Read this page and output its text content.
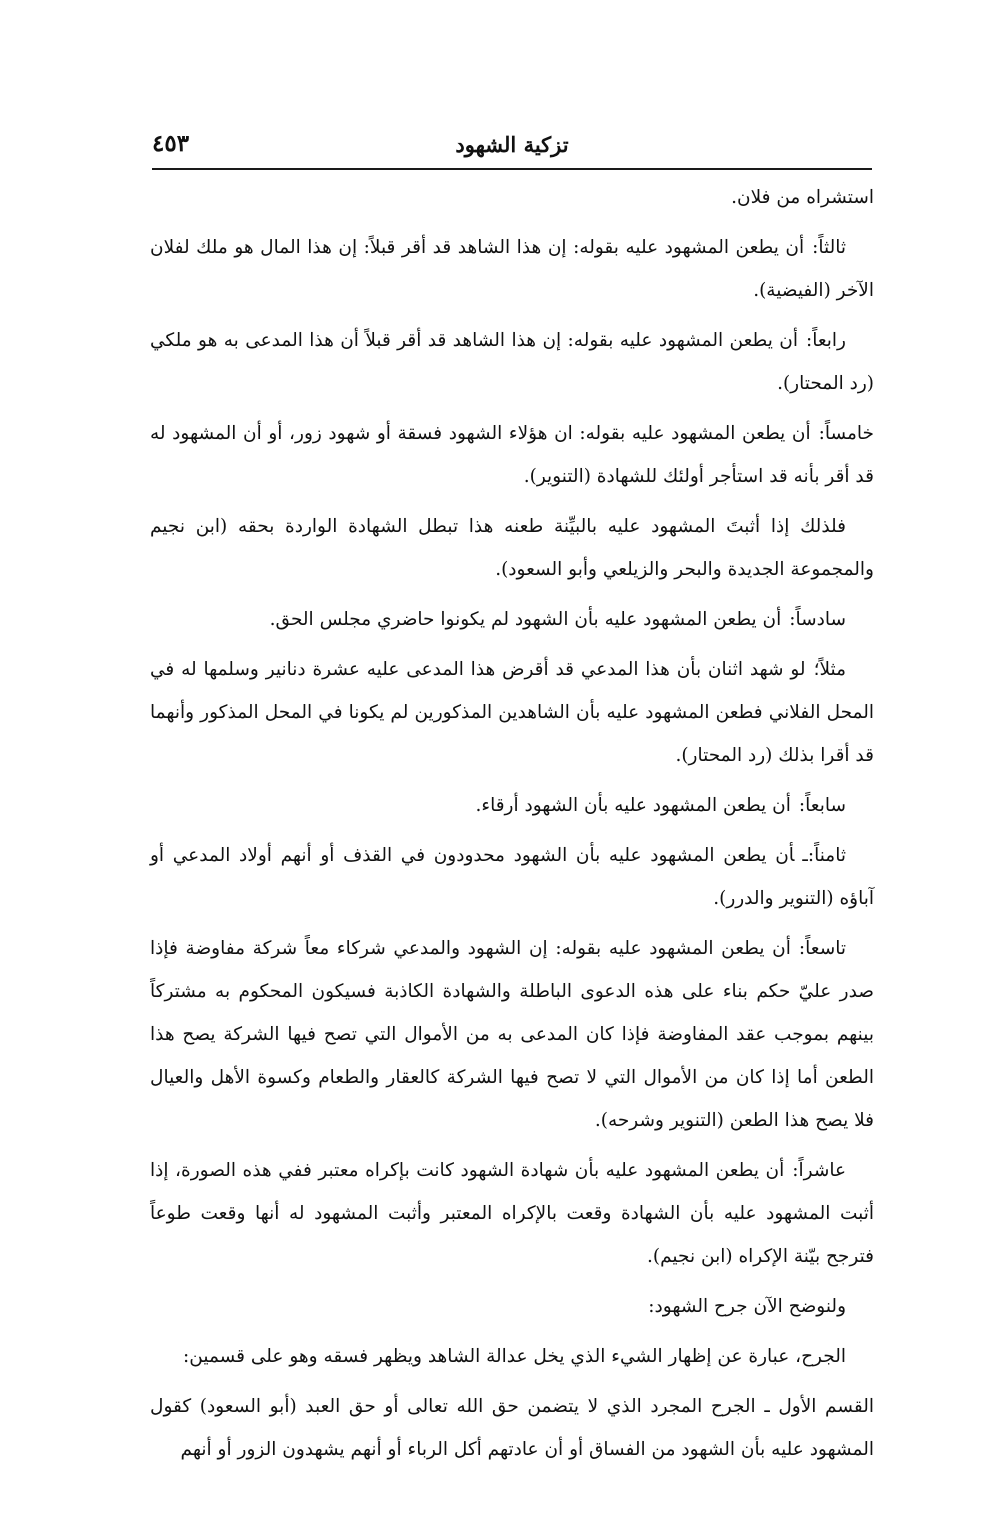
٤٥٣	تزكية الشهود

استشراه من فلان.

ثالثاً:أن يطعن المشهود عليه بقوله: إن هذا الشاهد قد أقر قبلاً: إن هذا المال هو ملك لفلان الآخر (الفيضية).

رابعاً:أن يطعن المشهود عليه بقوله: إن هذا الشاهد قد أقر قبلاً أن هذا المدعى به هو ملكي (رد المحتار).

خامساً:أن يطعن المشهود عليه بقوله: ان هؤلاء الشهود فسقة أو شهود زور، أو أن المشهود له قد أقر بأنه قد استأجر أولئك للشهادة (التنوير).

فلذلك إذا أثبتَ المشهود عليه بالبيِّنة طعنه هذا تبطل الشهادة الواردة بحقه (ابن نجيم والمجموعة الجديدة والبحر والزيلعي وأبو السعود).

سادساً:أن يطعن المشهود عليه بأن الشهود لم يكونوا حاضري مجلس الحق.

مثلاً؛لو شهد اثنان بأن هذا المدعي قد أقرض هذا المدعى عليه عشرة دنانير وسلمها له في المحل الفلاني فطعن المشهود عليه بأن الشاهدين المذكورين لم يكونا في المحل المذكور وأنهما قد أقرا بذلك (رد المحتار).

سابعاً:أن يطعن المشهود عليه بأن الشهود أرقاء.

ثامناً:ـأن يطعن المشهود عليه بأن الشهود محدودون في القذف أو أنهم أولاد المدعي أو آباؤه (التنوير والدرر).

تاسعاً:أن يطعن المشهود عليه بقوله: إن الشهود والمدعي شركاء معاً شركة مفاوضة فإذا صدر عليّ حكم بناء على هذه الدعوى الباطلة والشهادة الكاذبة فسيكون المحكوم به مشتركاً بينهم بموجب عقد المفاوضة فإذا كان المدعى به من الأموال التي تصح فيها الشركة يصح هذا الطعن أما إذا كان من الأموال التي لا تصح فيها الشركة كالعقار والطعام وكسوة الأهل والعيال فلا يصح هذا الطعن (التنوير وشرحه).

عاشراً:أن يطعن المشهود عليه بأن شهادة الشهود كانت بإكراه معتبر ففي هذه الصورة، إذا أثبت المشهود عليه بأن الشهادة وقعت بالإكراه المعتبر وأثبت المشهود له أنها وقعت طوعاً فترجح بيّنة الإكراه (ابن نجيم).

ولنوضح الآن جرح الشهود:

الجرح، عبارة عن إظهار الشيء الذي يخل عدالة الشاهد ويظهر فسقه وهو على قسمين:

القسم الأول ـ الجرح المجرد الذي لا يتضمن حق الله تعالى أو حق العبد (أبو السعود) كقول المشهود عليه بأن الشهود من الفساق أو أن عادتهم أكل الرباء أو أنهم يشهدون الزور أو أنهم
